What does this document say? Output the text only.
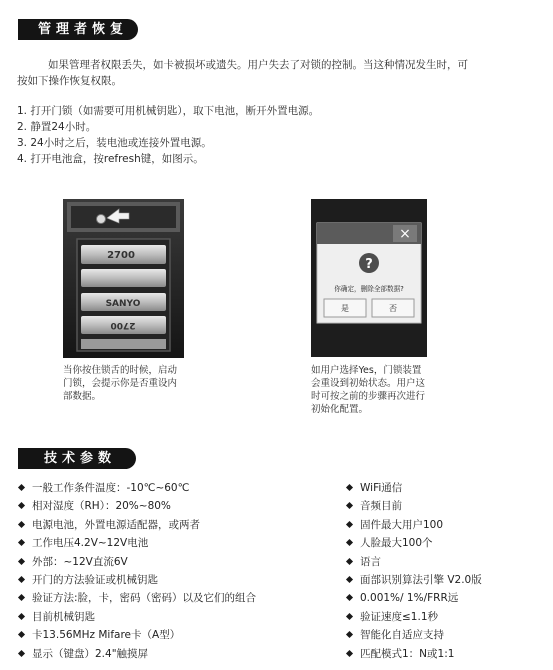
管理者恢复
如果管理者权限丢失，如卡被损坏或遗失。用户失去了对锁的控制。当这种情况发生时，可
按如下操作恢复权限。
1. 打开门锁（如需要可用机械钥匙），取下电池，断开外置电源。
2. 静置24小时。
3. 24小时之后，装电池或连接外置电源。
4. 打开电池盒，按refresh键，如图示。
2700
SANYO
2700
×
?
你确定，删除全部数据?
是	否
当你按住锁舌的时候，启动
门锁，会提示你是否重设内
部数据。
如用户选择Yes，门锁装置
会重设到初始状态。用户这
时可按之前的步骤再次进行
初始化配置。
技术参数
一般工作条件温度：-10℃~60℃
相对湿度（RH）：20%~80%
电源电池，外置电源适配器，或两者
工作电压4.2V~12V电池
外部：~12V直流6V
开门的方法验证或机械钥匙
验证方法:脸，卡，密码（密码）以及它们的组合
目前机械钥匙
卡13.56MHz Mifare卡（A型）
显示（键盘）2.4"触摸屏
WiFi通信
音频目前
固件最大用户100
人脸最大100个
语言
面部识别算法引擎 V2.0版
0.001%/ 1%/FRR远
验证速度≤1.1秒
智能化自适应支持
匹配模式1：N或1:1
